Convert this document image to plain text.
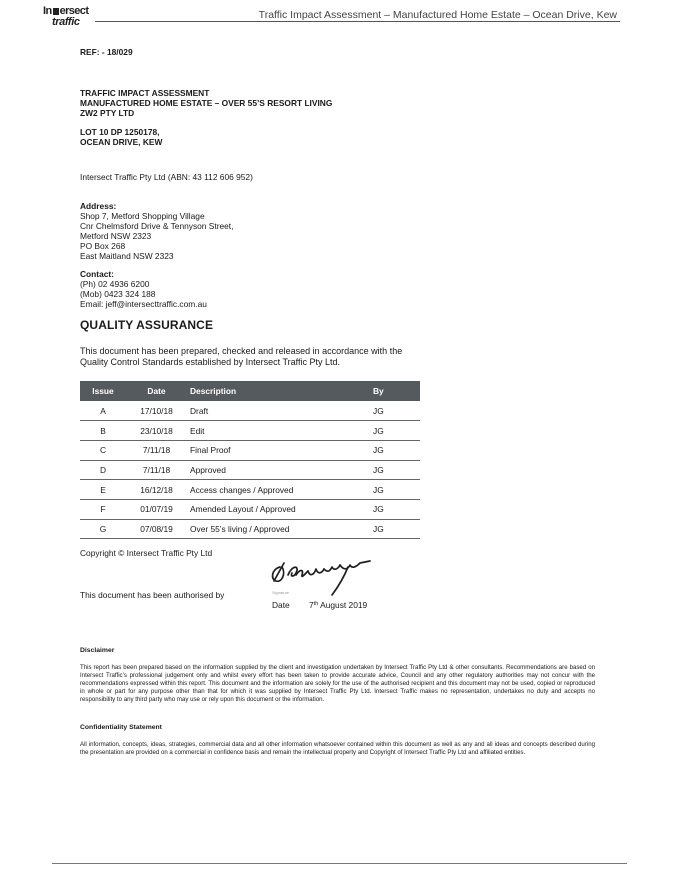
In ersect
traffic
Traffic Impact Assessment – Manufactured Home Estate – Ocean Drive, Kew
REF: - 18/029
TRAFFIC IMPACT ASSESSMENT
MANUFACTURED HOME ESTATE – OVER 55’S RESORT LIVING
ZW2 PTY LTD
LOT 10 DP 1250178,
OCEAN DRIVE, KEW
Intersect Traffic Pty Ltd (ABN: 43 112 606 952)
Address:
Shop 7, Metford Shopping Village
Cnr Chelmsford Drive & Tennyson Street,
Metford NSW 2323
PO Box 268
East Maitland NSW 2323
Contact:
(Ph) 02 4936 6200
(Mob) 0423 324 188
Email: jeff@intersecttraffic.com.au
QUALITY ASSURANCE
This document has been prepared, checked and released in accordance with the
Quality Control Standards established by Intersect Traffic Pty Ltd.
Issue	Date	Description	By
A	17/10/18	Draft	JG
B	23/10/18	Edit	JG
C	7/11/18	Final Proof	JG
D	7/11/18	Approved	JG
E	16/12/18	Access changes / Approved	JG
F	01/07/19	Amended Layout / Approved	JG
G	07/08/19	Over 55’s living / Approved	JG
Copyright © Intersect Traffic Pty Ltd
This document has been authorised by	Signature
Date 7th August 2019
Disclaimer
This report has been prepared based on the information supplied by the client and investigation undertaken by Intersect Traffic Pty Ltd & other consultants. Recommendations are based on Intersect Traffic’s professional judgement only and whilst every effort has been taken to provide accurate advice, Council and any other regulatory authorities may not concur with the recommendations expressed within this report. This document and the information are solely for the use of the authorised recipient and this document may not be used, copied or reproduced in whole or part for any purpose other than that for which it was supplied by Intersect Traffic Pty Ltd. Intersect Traffic makes no representation, undertakes no duty and accepts no responsibility to any third party who may use or rely upon this document or the information.
Confidentiality Statement
All information, concepts, ideas, strategies, commercial data and all other information whatsoever contained within this document as well as any and all ideas and concepts described during the presentation are provided on a commercial in confidence basis and remain the intellectual property and Copyright of Intersect Traffic Pty Ltd and affiliated entities.
